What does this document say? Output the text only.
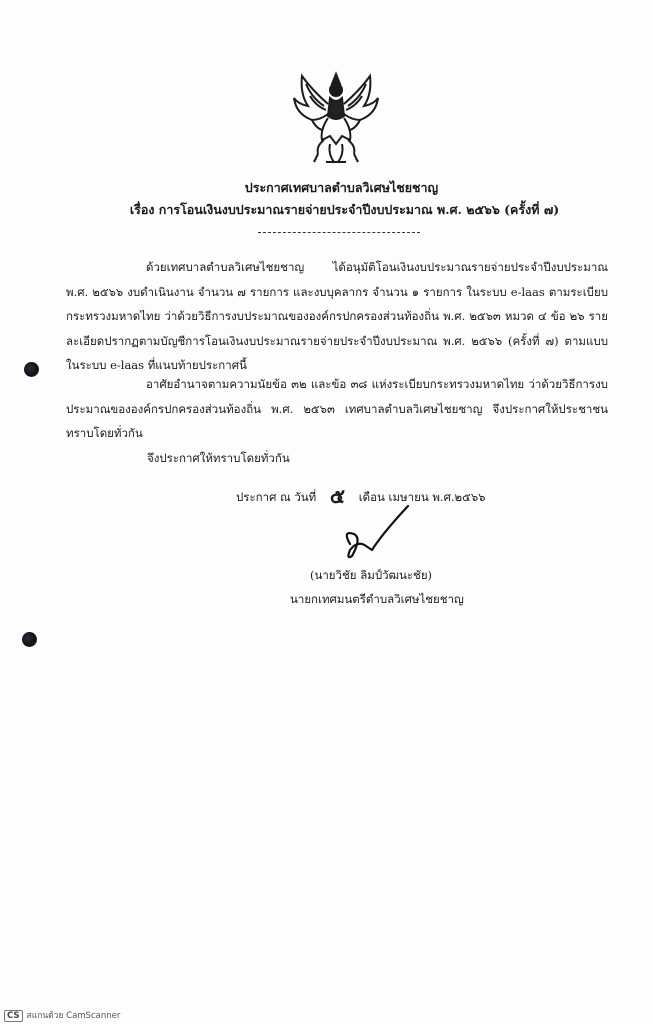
ประกาศเทศบาลตำบลวิเศษไชยชาญ
เรื่อง การโอนเงินงบประมาณรายจ่ายประจำปีงบประมาณ พ.ศ. ๒๕๖๖ (ครั้งที่ ๗)
ด้วยเทศบาลตำบลวิเศษไชยชาญ ได้อนุมัติโอนเงินงบประมาณรายจ่ายประจำปีงบประมาณ พ.ศ. ๒๕๖๖ งบดำเนินงาน จำนวน ๗ รายการ และงบบุคลากร จำนวน ๑ รายการ ในระบบ e-laas ตามระเบียบกระทรวงมหาดไทย ว่าด้วยวิธีการงบประมาณขององค์กรปกครองส่วนท้องถิ่น พ.ศ. ๒๕๖๓ หมวด ๔ ข้อ ๒๖ รายละเอียดปรากฏตามบัญชีการโอนเงินงบประมาณรายจ่ายประจำปีงบประมาณ พ.ศ. ๒๕๖๖ (ครั้งที่ ๗) ตามแบบในระบบ e-laas ที่แนบท้ายประกาศนี้
อาศัยอำนาจตามความนัยข้อ ๓๒ และข้อ ๓๘ แห่งระเบียบกระทรวงมหาดไทย ว่าด้วยวิธีการงบประมาณขององค์กรปกครองส่วนท้องถิ่น พ.ศ. ๒๕๖๓ เทศบาลตำบลวิเศษไชยชาญ จึงประกาศให้ประชาชนทราบโดยทั่วกัน
จึงประกาศให้ทราบโดยทั่วกัน
ประกาศ ณ วันที่ ๕ เดือน เมษายน พ.ศ.๒๕๖๖
(นายวิชัย ลิมป์วัฒนะชัย)
นายกเทศมนตรีตำบลวิเศษไชยชาญ
CS สแกนด้วย CamScanner
